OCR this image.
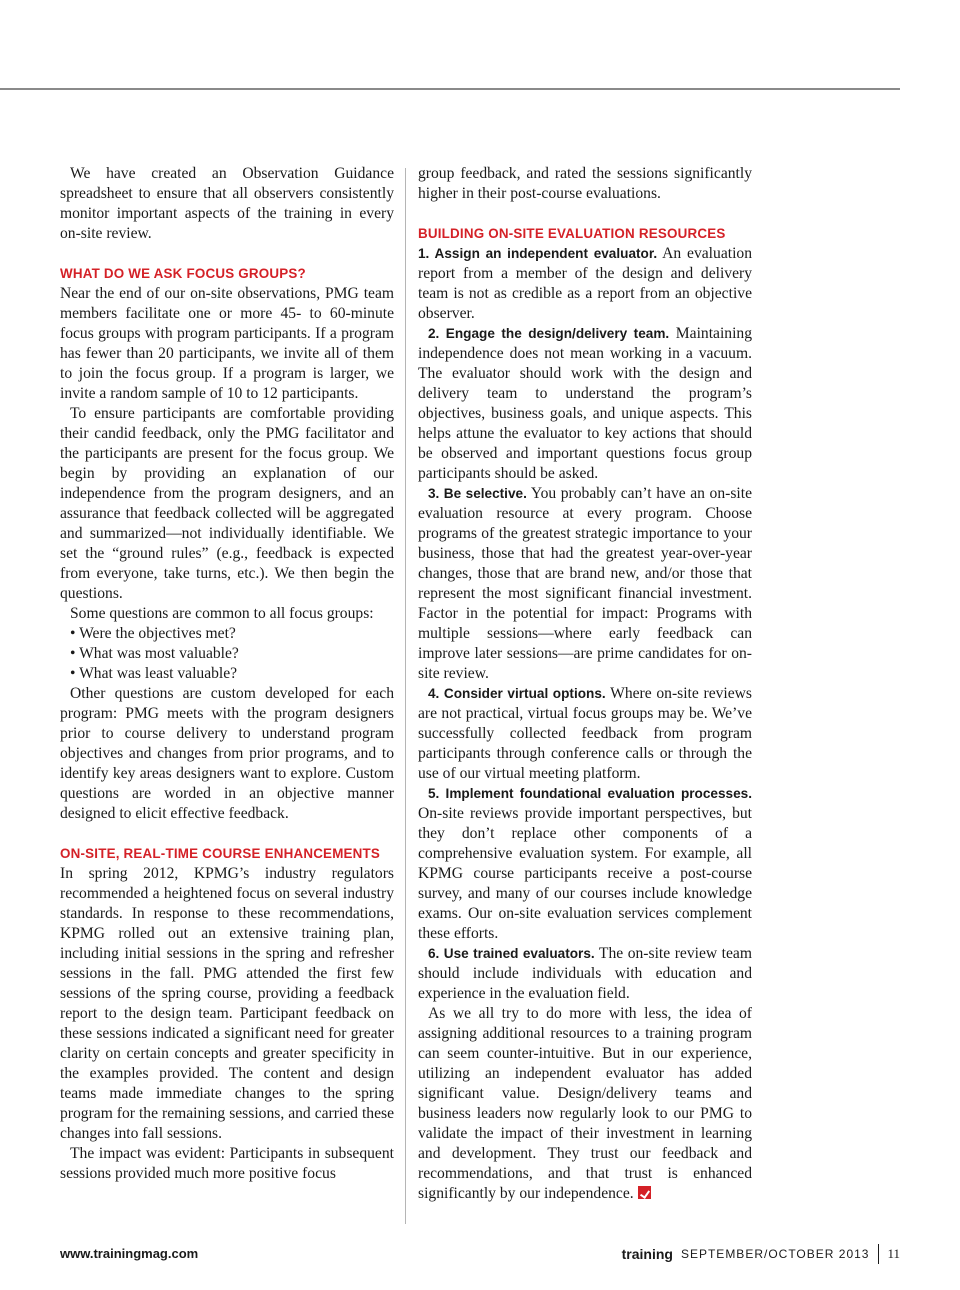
We have created an Observation Guidance spreadsheet to ensure that all observers consistently monitor important aspects of the training in every on-site review.

WHAT DO WE ASK FOCUS GROUPS?

Near the end of our on-site observations, PMG team members facilitate one or more 45- to 60-minute focus groups with program participants. If a program has fewer than 20 participants, we invite all of them to join the focus group. If a program is larger, we invite a random sample of 10 to 12 participants.

To ensure participants are comfortable providing their candid feedback, only the PMG facilitator and the participants are present for the focus group. We begin by providing an explanation of our independence from the program designers, and an assurance that feedback collected will be aggregated and summarized—not individually identifiable. We set the “ground rules” (e.g., feedback is expected from everyone, take turns, etc.). We then begin the questions.

Some questions are common to all focus groups:

• Were the objectives met?

• What was most valuable?

• What was least valuable?

Other questions are custom developed for each program: PMG meets with the program designers prior to course delivery to understand program objectives and changes from prior programs, and to identify key areas designers want to explore. Custom questions are worded in an objective manner designed to elicit effective feedback.

ON-SITE, REAL-TIME COURSE ENHANCEMENTS

In spring 2012, KPMG’s industry regulators recommended a heightened focus on several industry standards. In response to these recommendations, KPMG rolled out an extensive training plan, including initial sessions in the spring and refresher sessions in the fall. PMG attended the first few sessions of the spring course, providing a feedback report to the design team. Participant feedback on these sessions indicated a significant need for greater clarity on certain concepts and greater specificity in the examples provided. The content and design teams made immediate changes to the spring program for the remaining sessions, and carried these changes into fall sessions.

The impact was evident: Participants in subsequent sessions provided much more positive focus

group feedback, and rated the sessions significantly higher in their post-course evaluations.

BUILDING ON-SITE EVALUATION RESOURCES

1. Assign an independent evaluator. An evaluation report from a member of the design and delivery team is not as credible as a report from an objective observer.

2. Engage the design/delivery team. Maintaining independence does not mean working in a vacuum. The evaluator should work with the design and delivery team to understand the program’s objectives, business goals, and unique aspects. This helps attune the evaluator to key actions that should be observed and important questions focus group participants should be asked.

3. Be selective. You probably can’t have an on-site evaluation resource at every program. Choose programs of the greatest strategic importance to your business, those that had the greatest year-over-year changes, those that are brand new, and/or those that represent the most significant financial investment. Factor in the potential for impact: Programs with multiple sessions—where early feedback can improve later sessions—are prime candidates for on-site review.

4. Consider virtual options. Where on-site reviews are not practical, virtual focus groups may be. We’ve successfully collected feedback from program participants through conference calls or through the use of our virtual meeting platform.

5. Implement foundational evaluation processes. On-site reviews provide important perspectives, but they don’t replace other components of a comprehensive evaluation system. For example, all KPMG course participants receive a post-course survey, and many of our courses include knowledge exams. Our on-site evaluation services complement these efforts.

6. Use trained evaluators. The on-site review team should include individuals with education and experience in the evaluation field.

As we all try to do more with less, the idea of assigning additional resources to a training program can seem counter-intuitive. But in our experience, utilizing an independent evaluator has added significant value. Design/delivery teams and business leaders now regularly look to our PMG to validate the impact of their investment in learning and development. They trust our feedback and recommendations, and that trust is enhanced significantly by our independence.

www.trainingmag.com	training SEPTEMBER/OCTOBER 2013 11
